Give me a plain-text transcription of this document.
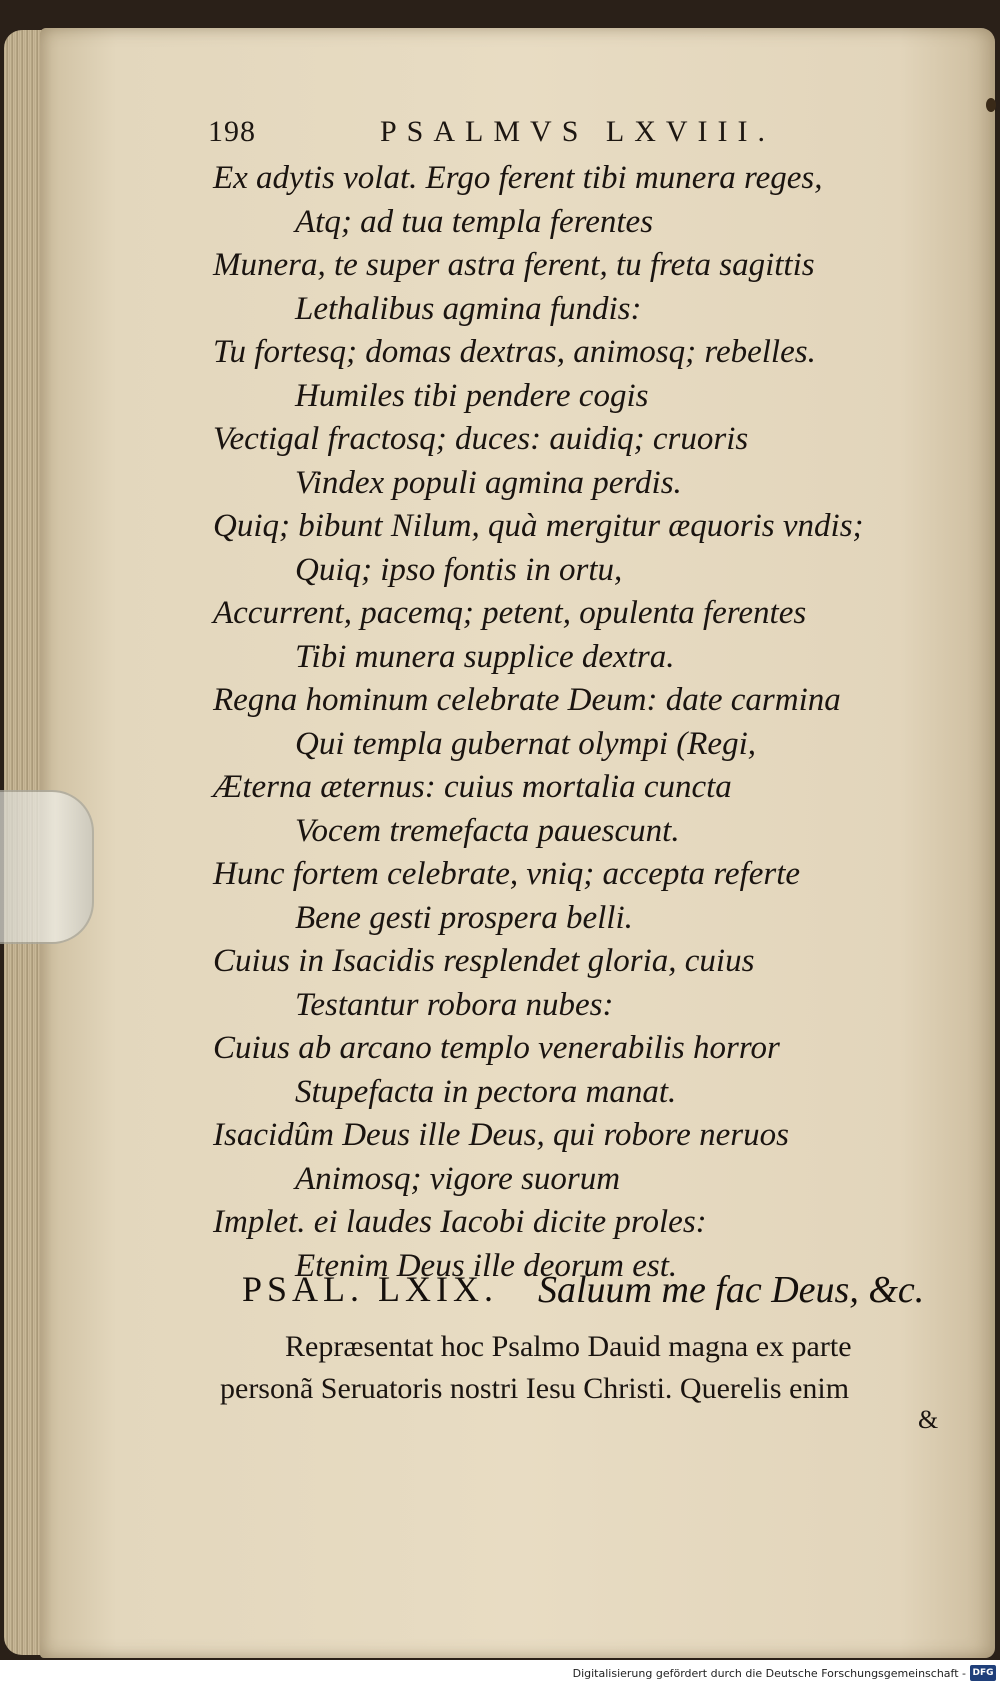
198	PSALMVS LXVIII.
Ex adytis volat. Ergo ferent tibi munera reges,
Atq; ad tua templa ferentes
Munera, te super astra ferent, tu freta sagittis
Lethalibus agmina fundis:
Tu fortesq; domas dextras, animosq; rebelles.
Humiles tibi pendere cogis
Vectigal fractosq; duces: auidiq; cruoris
Vindex populi agmina perdis.
Quiq; bibunt Nilum, quà mergitur æquoris vndis;
Quiq; ipso fontis in ortu,
Accurrent, pacemq; petent, opulenta ferentes
Tibi munera supplice dextra.
Regna hominum celebrate Deum: date carmina
Qui templa gubernat olympi (Regi,
Æterna æternus: cuius mortalia cuncta
Vocem tremefacta pauescunt.
Hunc fortem celebrate, vniq; accepta referte
Bene gesti prospera belli.
Cuius in Isacidis resplendet gloria, cuius
Testantur robora nubes:
Cuius ab arcano templo venerabilis horror
Stupefacta in pectora manat.
Isacidûm Deus ille Deus, qui robore neruos
Animosq; vigore suorum
Implet. ei laudes Iacobi dicite proles:
Etenim Deus ille deorum est.
PSAL. LXIX. Saluum me fac Deus, &c.
Repræsentat hoc Psalmo Dauid magna ex parte
personã Seruatoris nostri Iesu Christi. Querelis enim
&
Digitalisierung gefördert durch die Deutsche Forschungsgemeinschaft - DFG
